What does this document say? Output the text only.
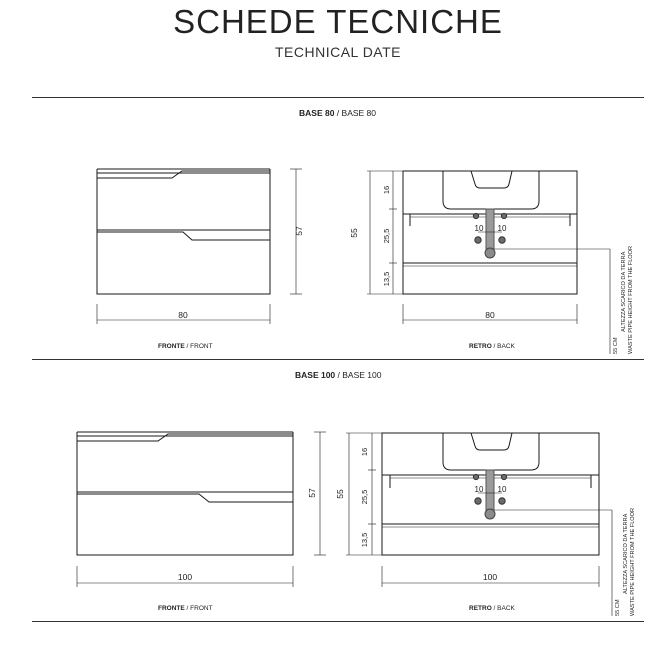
SCHEDE TECNICHE
TECHNICAL DATE
BASE 80 / BASE 80
BASE 100 / BASE 100
FRONTE / FRONT	RETRO / BACK
FRONTE / FRONT	RETRO / BACK
80
57
80
55
16
25,5
13,5
10 10
55 CM
ALTEZZA SCARICO DA TERRA WASTE PIPE HEIGHT FROM THE FLOOR
100
57
100
55
16
25,5
13,5
10 10
55 CM
ALTEZZA SCARICO DA TERRA WASTE PIPE HEIGHT FROM THE FLOOR
